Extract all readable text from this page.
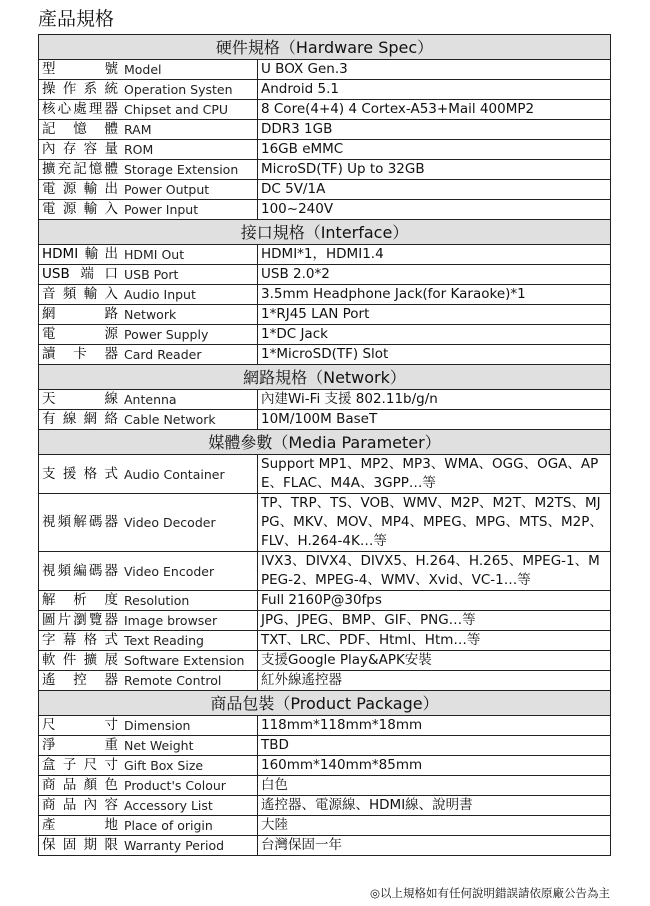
產品規格
硬件規格（Hardware Spec）	
型號 Model	U BOX Gen.3
操作系統 Operation Systen	Android 5.1
核心處理器 Chipset and CPU	8 Core(4+4) 4 Cortex-A53+Mail 400MP2
記憶體 RAM	DDR3 1GB
內存容量 ROM	16GB eMMC
擴充記憶體 Storage Extension	MicroSD(TF) Up to 32GB
電源輸出 Power Output	DC 5V/1A
電源輸入 Power Input	100~240V
接口規格（Interface）	
HDMI輸出 HDMI Out	HDMI*1，HDMI1.4
USB端口 USB Port	USB 2.0*2
音頻輸入 Audio Input	3.5mm Headphone Jack(for Karaoke)*1
網路 Network	1*RJ45 LAN Port
電源 Power Supply	1*DC Jack
讀卡器 Card Reader	1*MicroSD(TF) Slot
網路規格（Network）	
天線 Antenna	內建Wi-Fi 支援 802.11b/g/n
有線網絡 Cable Network	10M/100M BaseT
媒體參數（Media Parameter）	
支援格式 Audio Container	Support MP1、MP2、MP3、WMA、OGG、OGA、APE、FLAC、M4A、3GPP…等
視頻解碼器 Video Decoder	TP、TRP、TS、VOB、WMV、M2P、M2T、M2TS、MJPG、MKV、MOV、MP4、MPEG、MPG、MTS、M2P、FLV、H.264-4K…等
視頻編碼器 Video Encoder	IVX3、DIVX4、DIVX5、H.264、H.265、MPEG-1、MPEG-2、MPEG-4、WMV、Xvid、VC-1…等
解析度 Resolution	Full 2160P@30fps
圖片瀏覽器 Image browser	JPG、JPEG、BMP、GIF、PNG…等
字幕格式 Text Reading	TXT、LRC、PDF、Html、Htm…等
軟件擴展 Software Extension	支援Google Play&APK安裝
遙控器 Remote Control	紅外線遙控器
商品包裝（Product Package）	
尺寸 Dimension	118mm*118mm*18mm
淨重 Net Weight	TBD
盒子尺寸 Gift Box Size	160mm*140mm*85mm
商品顏色 Product's Colour	白色
商品內容 Accessory List	遙控器、電源線、HDMI線、說明書
產地 Place of origin	大陸
保固期限 Warranty Period	台灣保固一年
◎以上規格如有任何說明錯誤請依原廠公告為主
